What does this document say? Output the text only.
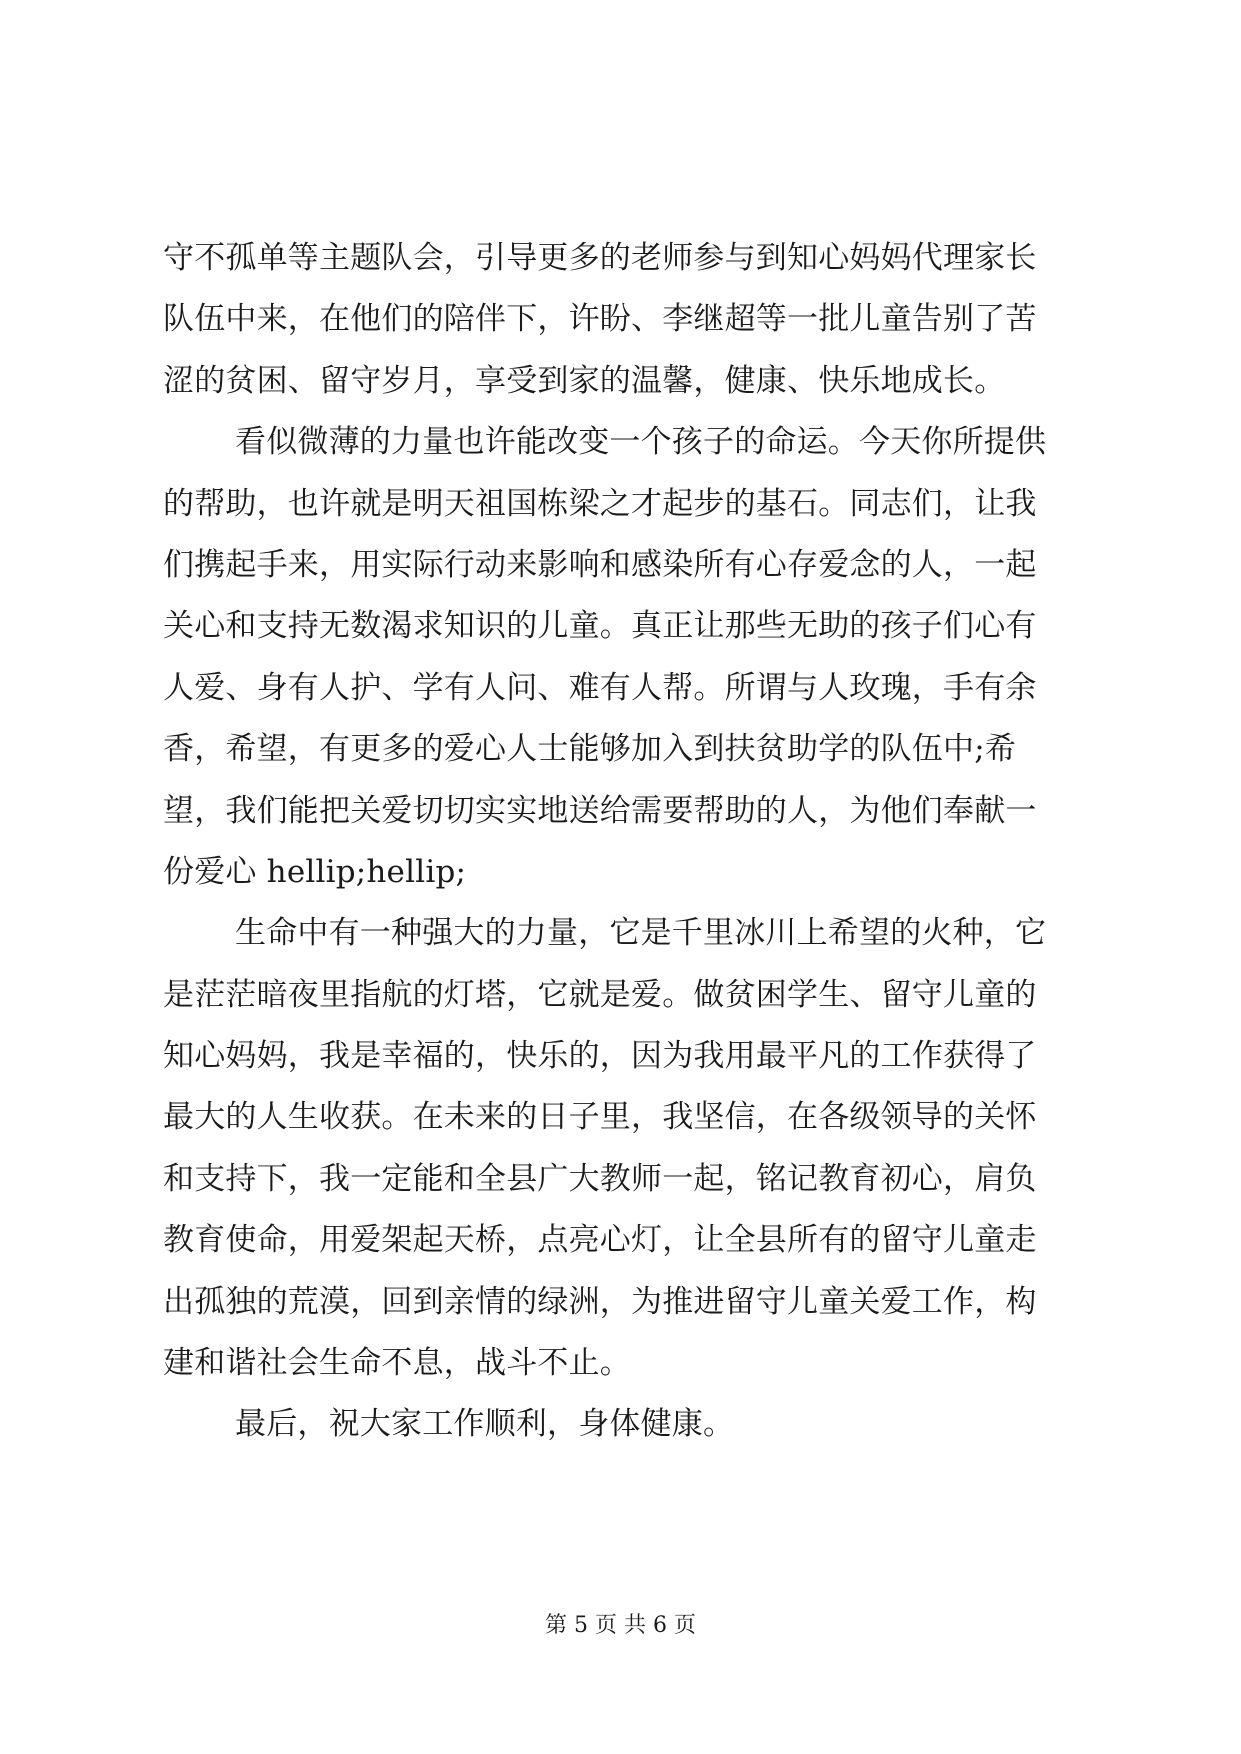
守不孤单等主题队会，引导更多的老师参与到知心妈妈代理家长
队伍中来，在他们的陪伴下，许盼、李继超等一批儿童告别了苦
涩的贫困、留守岁月，享受到家的温馨，健康、快乐地成长。
看似微薄的力量也许能改变一个孩子的命运。今天你所提供
的帮助，也许就是明天祖国栋梁之才起步的基石。同志们，让我
们携起手来，用实际行动来影响和感染所有心存爱念的人，一起
关心和支持无数渴求知识的儿童。真正让那些无助的孩子们心有
人爱、身有人护、学有人问、难有人帮。所谓与人玫瑰，手有余
香，希望，有更多的爱心人士能够加入到扶贫助学的队伍中;希
望，我们能把关爱切切实实地送给需要帮助的人，为他们奉献一
份爱心 hellip;hellip;
生命中有一种强大的力量，它是千里冰川上希望的火种，它
是茫茫暗夜里指航的灯塔，它就是爱。做贫困学生、留守儿童的
知心妈妈，我是幸福的，快乐的，因为我用最平凡的工作获得了
最大的人生收获。在未来的日子里，我坚信，在各级领导的关怀
和支持下，我一定能和全县广大教师一起，铭记教育初心，肩负
教育使命，用爱架起天桥，点亮心灯，让全县所有的留守儿童走
出孤独的荒漠，回到亲情的绿洲，为推进留守儿童关爱工作，构
建和谐社会生命不息，战斗不止。
最后，祝大家工作顺利，身体健康。
第 5 页 共 6 页
